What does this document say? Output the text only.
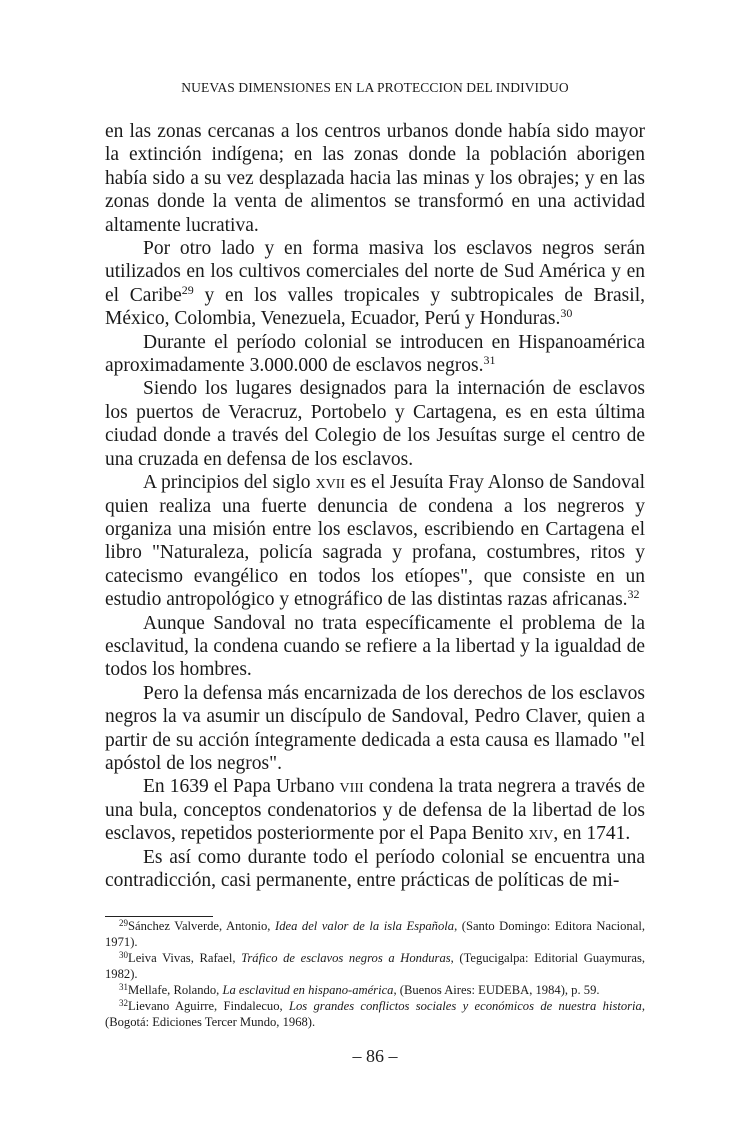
NUEVAS DIMENSIONES EN LA PROTECCION DEL INDIVIDUO

en las zonas cercanas a los centros urbanos donde había sido mayor la extinción indígena; en las zonas donde la población aborigen había sido a su vez desplazada hacia las minas y los obrajes; y en las zonas donde la venta de alimentos se transformó en una actividad altamente lucrativa.

Por otro lado y en forma masiva los esclavos negros serán utilizados en los cultivos comerciales del norte de Sud América y en el Caribe$^{29}$ y en los valles tropicales y subtropicales de Brasil, México, Colombia, Venezuela, Ecuador, Perú y Honduras.$^{30}$

Durante el período colonial se introducen en Hispanoamérica aproximadamente 3.000.000 de esclavos negros.$^{31}$

Siendo los lugares designados para la internación de esclavos los puertos de Veracruz, Portobelo y Cartagena, es en esta última ciudad donde a través del Colegio de los Jesuítas surge el centro de una cruzada en defensa de los esclavos.

A principios del siglo xvii es el Jesuíta Fray Alonso de Sandoval quien realiza una fuerte denuncia de condena a los negreros y organiza una misión entre los esclavos, escribiendo en Cartagena el libro "Naturaleza, policía sagrada y profana, costumbres, ritos y catecismo evangélico en todos los etíopes", que consiste en un estudio antropológico y etnográfico de las distintas razas africanas.$^{32}$

Aunque Sandoval no trata específicamente el problema de la esclavitud, la condena cuando se refiere a la libertad y la igualdad de todos los hombres.

Pero la defensa más encarnizada de los derechos de los esclavos negros la va asumir un discípulo de Sandoval, Pedro Claver, quien a partir de su acción íntegramente dedicada a esta causa es llamado "el apóstol de los negros".

En 1639 el Papa Urbano viii condena la trata negrera a través de una bula, conceptos condenatorios y de defensa de la libertad de los esclavos, repetidos posteriormente por el Papa Benito xiv, en 1741.

Es así como durante todo el período colonial se encuentra una contradicción, casi permanente, entre prácticas de políticas de mi-

$^{29}$Sánchez Valverde, Antonio, Idea del valor de la isla Española, (Santo Domingo: Editora Nacional, 1971).

$^{30}$Leiva Vivas, Rafael, Tráfico de esclavos negros a Honduras, (Tegucigalpa: Editorial Guaymuras, 1982).

$^{31}$Mellafe, Rolando, La esclavitud en hispano-américa, (Buenos Aires: EUDEBA, 1984), p. 59.

$^{32}$Lievano Aguirre, Findalecuo, Los grandes conflictos sociales y económicos de nuestra historia, (Bogotá: Ediciones Tercer Mundo, 1968).

– 86 –
